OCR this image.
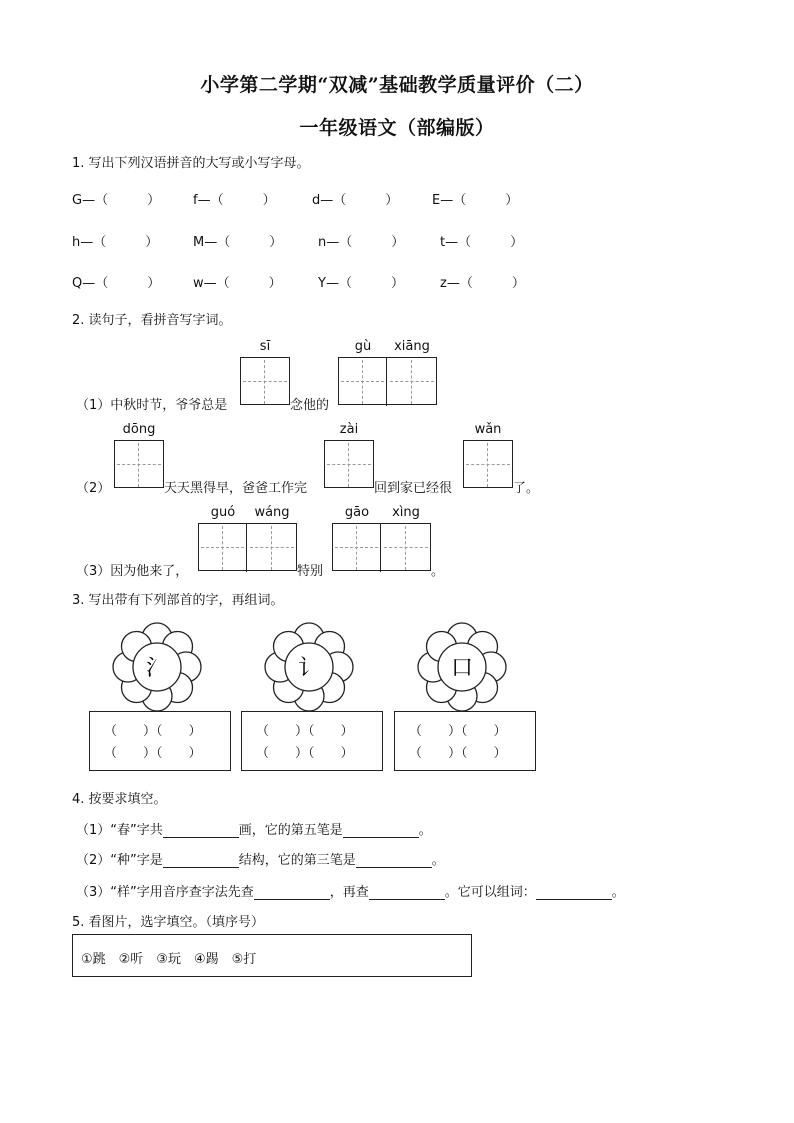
小学第二学期“双减”基础教学质量评价（二）
一年级语文（部编版）
1. 写出下列汉语拼音的大写或小写字母。
G—（　　　）	f—（　　　）	d—（　　　）	E—（　　　）
h—（　　　）	M—（　　　）	n—（　　　）	t—（　　　）
Q—（　　　）	w—（　　　）	Y—（　　　）	z—（　　　）
2. 读句子，看拼音写字词。
sī	gù	xiāng
（1）中秋时节，爷爷总是	念他的
dōng	zài	wǎn
（2）	天天黑得早，爸爸工作完	回到家已经很	了。
guó	wáng	gāo	xìng
（3）因为他来了，	特别	。
3. 写出带有下列部首的字，再组词。
氵	讠	口
（　　）（　　）
（　　）（　　）
（　　）（　　）
（　　）（　　）
（　　）（　　）
（　　）（　　）
4. 按要求填空。
（1）“春”字共	画，它的第五笔是	。
（2）“种”字是	结构，它的第三笔是	。
（3）“样”字用音序查字法先查	，再查	。它可以组词：	。
5. 看图片，选字填空。（填序号）
①跳　②听　③玩　④踢　⑤打
